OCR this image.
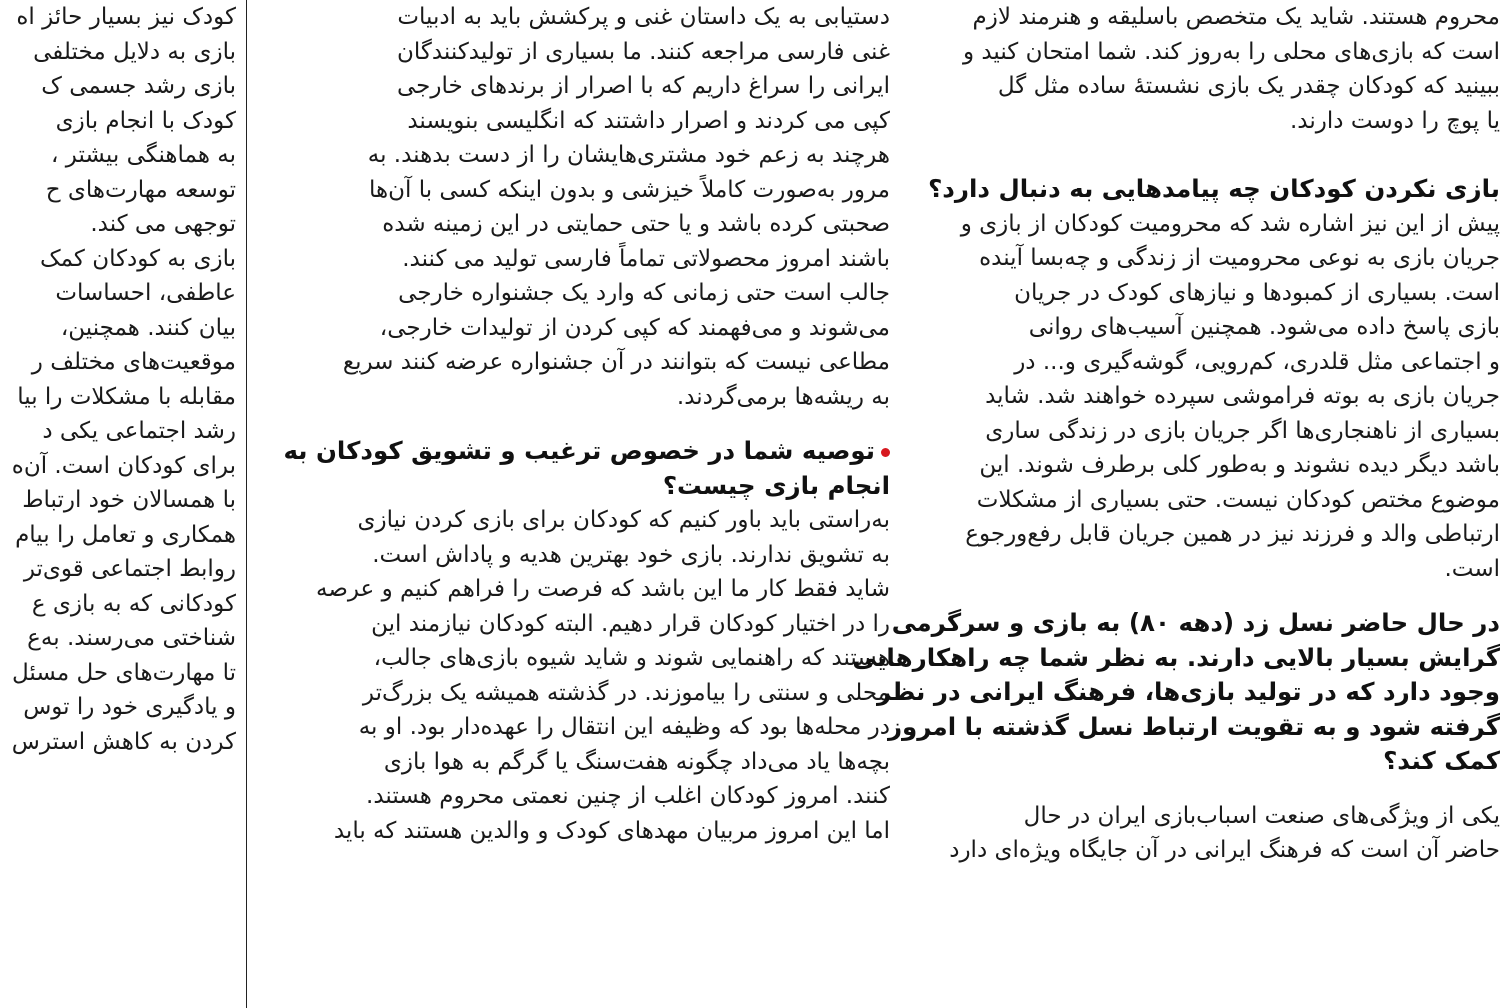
کودک نیز بسیار حائز اه

بازی به دلایل مختلفی

بازی رشد جسمی ک

کودک با انجام بازی

به هماهنگی بیشتر ،

توسعه مهارت‌های ح

توجهی می کند.

بازی به کودکان کمک

عاطفی، احساسات

بیان کنند. همچنین،

موقعیت‌های مختلف ر

مقابله با مشکلات را بیا

رشد اجتماعی یکی د

برای کودکان است. آن‌ه

با همسالان خود ارتباط

همکاری و تعامل را بیام

روابط اجتماعی قوی‌تر

کودکانی که به بازی ع

شناختی می‌رسند. به‌ع

تا مهارت‌های حل مسئل

و یادگیری خود را توس

کردن به کاهش استرس

دستیابی به یک داستان غنی و پرکشش باید به ادبیات

غنی فارسی مراجعه کنند. ما بسیاری از تولیدکنندگان

ایرانی را سراغ داریم که با اصرار از برندهای خارجی

کپی می کردند و اصرار داشتند که انگلیسی بنویسند

هرچند به زعم خود مشتری‌هایشان را از دست بدهند. به

مرور به‌صورت کاملاً خیزشی و بدون اینکه کسی با آن‌ها

صحبتی کرده باشد و یا حتی حمایتی در این زمینه شده

باشند امروز محصولاتی تماماً فارسی تولید می کنند.

جالب است حتی زمانی که وارد یک جشنواره خارجی

می‌شوند و می‌فهمند که کپی کردن از تولیدات خارجی،

مطاعی نیست که بتوانند در آن جشنواره عرضه کنند سریع

به ریشه‌ها برمی‌گردند.

توصیه شما در خصوص ترغیب و تشویق کودکان به
انجام بازی چیست؟

به‌راستی باید باور کنیم که کودکان برای بازی کردن نیازی

به تشویق ندارند. بازی خود بهترین هدیه و پاداش است.

شاید فقط کار ما این باشد که فرصت را فراهم کنیم و عرصه

را در اختیار کودکان قرار دهیم. البته کودکان نیازمند این

هستند که راهنمایی شوند و شاید شیوه بازی‌های جالب،

محلی و سنتی را بیاموزند. در گذشته همیشه یک بزرگ‌تر

در محله‌ها بود که وظیفه این انتقال را عهده‌دار بود. او به

بچه‌ها یاد می‌داد چگونه هفت‌سنگ یا گرگم به هوا بازی

کنند. امروز کودکان اغلب از چنین نعمتی محروم هستند.

اما این امروز مربیان مهدهای کودک و والدین هستند که باید

محروم هستند. شاید یک متخصص باسلیقه و هنرمند لازم

است که بازی‌های محلی را به‌روز کند. شما امتحان کنید و

ببینید که کودکان چقدر یک بازی نشستهٔ ساده مثل گل

یا پوچ را دوست دارند.

بازی نکردن کودکان چه پیامدهایی به دنبال دارد؟

پیش از این نیز اشاره شد که محرومیت کودکان از بازی و

جریان بازی به نوعی محرومیت از زندگی و چه‌بسا آینده

است. بسیاری از کمبودها و نیازهای کودک در جریان

بازی پاسخ داده می‌شود. همچنین آسیب‌های روانی

و اجتماعی مثل قلدری، کم‌رویی، گوشه‌گیری و... در

جریان بازی به بوته فراموشی سپرده خواهند شد. شاید

بسیاری از ناهنجاری‌ها اگر جریان بازی در زندگی ساری

باشد دیگر دیده نشوند و به‌طور کلی برطرف شوند. این

موضوع مختص کودکان نیست. حتی بسیاری از مشکلات

ارتباطی والد و فرزند نیز در همین جریان قابل رفع‌ورجوع

است.

در حال حاضر نسل زد (دهه ۸۰) به بازی و سرگرمی
گرایش بسیار بالایی دارند. به نظر شما چه راهکارهایی
وجود دارد که در تولید بازی‌ها، فرهنگ ایرانی در نظر
گرفته شود و به تقویت ارتباط نسل گذشته با امروز
کمک کند؟

یکی از ویژگی‌های صنعت اسباب‌بازی ایران در حال

حاضر آن است که فرهنگ ایرانی در آن جایگاه ویژه‌ای دارد
